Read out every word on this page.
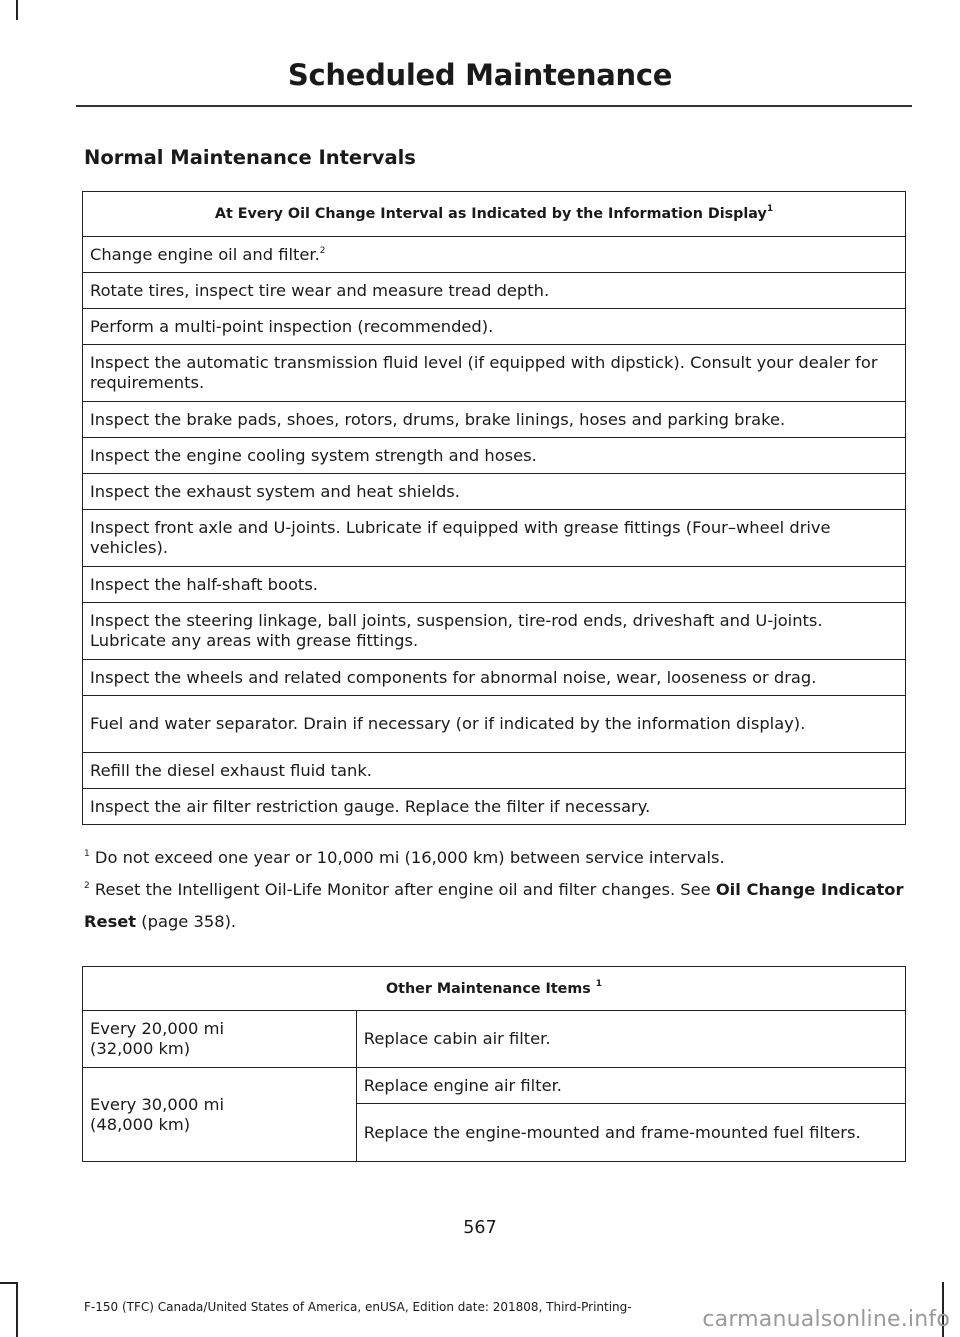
Scheduled Maintenance
Normal Maintenance Intervals
At Every Oil Change Interval as Indicated by the Information Display$^1$
Change engine oil and filter.$^2$
Rotate tires, inspect tire wear and measure tread depth.
Perform a multi-point inspection (recommended).
Inspect the automatic transmission fluid level (if equipped with dipstick). Consult your dealer for requirements.
Inspect the brake pads, shoes, rotors, drums, brake linings, hoses and parking brake.
Inspect the engine cooling system strength and hoses.
Inspect the exhaust system and heat shields.
Inspect front axle and U-joints. Lubricate if equipped with grease fittings (Four–wheel drive vehicles).
Inspect the half-shaft boots.
Inspect the steering linkage, ball joints, suspension, tire-rod ends, driveshaft and U-joints. Lubricate any areas with grease fittings.
Inspect the wheels and related components for abnormal noise, wear, looseness or drag.
Fuel and water separator. Drain if necessary (or if indicated by the information display).
Refill the diesel exhaust fluid tank.
Inspect the air filter restriction gauge. Replace the filter if necessary.
$^1$ Do not exceed one year or 10,000 mi (16,000 km) between service intervals.
$^2$ Reset the Intelligent Oil-Life Monitor after engine oil and filter changes. See Oil Change Indicator Reset (page 358).
Other Maintenance Items $^1$
Every 20,000 mi (32,000 km)	Replace cabin air filter.
Every 30,000 mi (48,000 km)	Replace engine air filter.
	Replace the engine-mounted and frame-mounted fuel filters.
567
F-150 (TFC) Canada/United States of America, enUSA, Edition date: 201808, Third-Printing-	carmanualsonline.info
